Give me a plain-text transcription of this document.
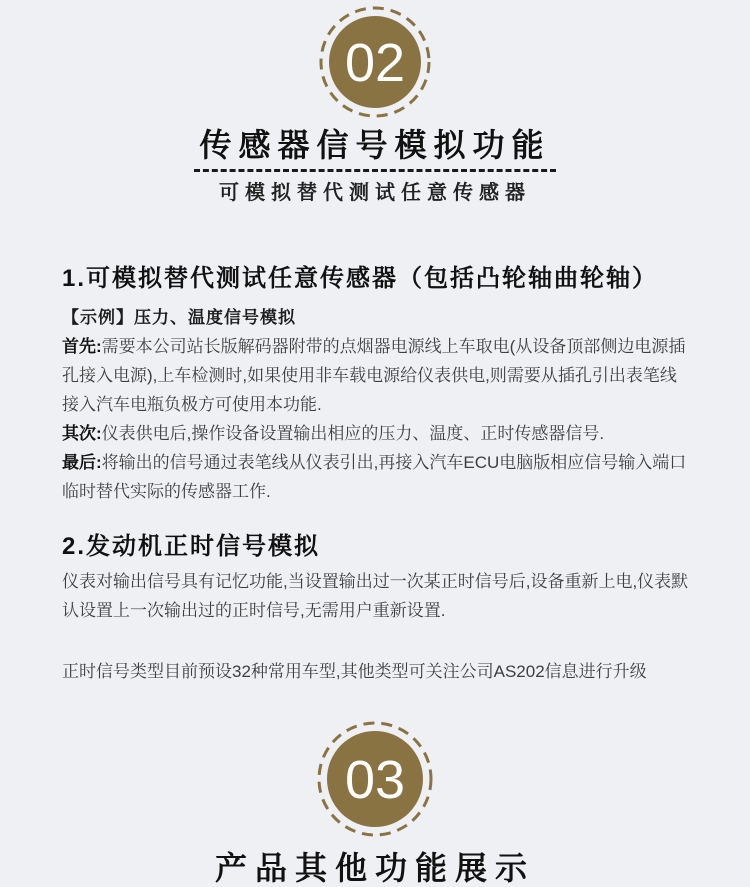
02
传感器信号模拟功能
可模拟替代测试任意传感器
1.可模拟替代测试任意传感器（包括凸轮轴曲轮轴）
【示例】压力、温度信号模拟
首先:需要本公司站长版解码器附带的点烟器电源线上车取电(从设备顶部侧边电源插孔接入电源),上车检测时,如果使用非车载电源给仪表供电,则需要从插孔引出表笔线接入汽车电瓶负极方可使用本功能.
其次:仪表供电后,操作设备设置输出相应的压力、温度、正时传感器信号.
最后:将输出的信号通过表笔线从仪表引出,再接入汽车ECU电脑版相应信号输入端口临时替代实际的传感器工作.
2.发动机正时信号模拟
仪表对输出信号具有记忆功能,当设置输出过一次某正时信号后,设备重新上电,仪表默认设置上一次输出过的正时信号,无需用户重新设置.
正时信号类型目前预设32种常用车型,其他类型可关注公司AS202信息进行升级
03
产品其他功能展示
